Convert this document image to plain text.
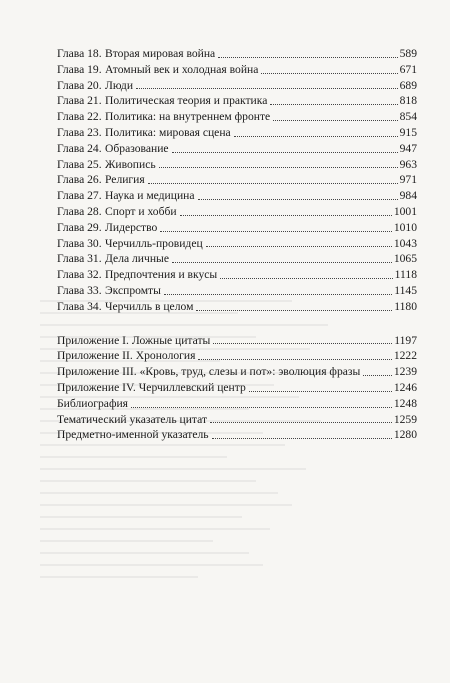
Глава 18. Вторая мировая война	589
Глава 19. Атомный век и холодная война	671
Глава 20. Люди	689
Глава 21. Политическая теория и практика	818
Глава 22. Политика: на внутреннем фронте	854
Глава 23. Политика: мировая сцена	915
Глава 24. Образование	947
Глава 25. Живопись	963
Глава 26. Религия	971
Глава 27. Наука и медицина	984
Глава 28. Спорт и хобби	1001
Глава 29. Лидерство	1010
Глава 30. Черчилль-провидец	1043
Глава 31. Дела личные	1065
Глава 32. Предпочтения и вкусы	1118
Глава 33. Экспромты	1145
Глава 34. Черчилль в целом	1180
Приложение I. Ложные цитаты	1197
Приложение II. Хронология	1222
Приложение III. «Кровь, труд, слезы и пот»: эволюция фразы	1239
Приложение IV. Черчиллевский центр	1246
Библиография	1248
Тематический указатель цитат	1259
Предметно-именной указатель	1280
